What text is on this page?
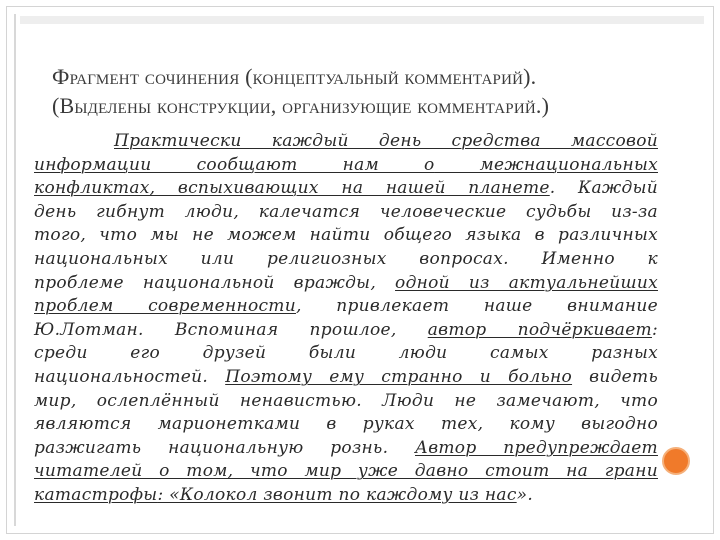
Фрагмент сочинения (концептуальный комментарий).
(Выделены конструкции, организующие комментарий.)
Практически каждый день средства массовой
информации сообщают нам о межнациональных
конфликтах, вспыхивающих на нашей планете. Каждый
день гибнут люди, калечатся человеческие судьбы из-за
того, что мы не можем найти общего языка в различных
национальных или религиозных вопросах. Именно к
проблеме национальной вражды, одной из актуальнейших
проблем современности, привлекает наше внимание
Ю.Лотман. Вспоминая прошлое, автор подчёркивает:
среди его друзей были люди самых разных
национальностей. Поэтому ему странно и больно видеть
мир, ослеплённый ненавистью. Люди не замечают, что
являются марионетками в руках тех, кому выгодно
разжигать национальную рознь. Автор предупреждает
читателей о том, что мир уже давно стоит на грани
катастрофы: «Колокол звонит по каждому из нас».
